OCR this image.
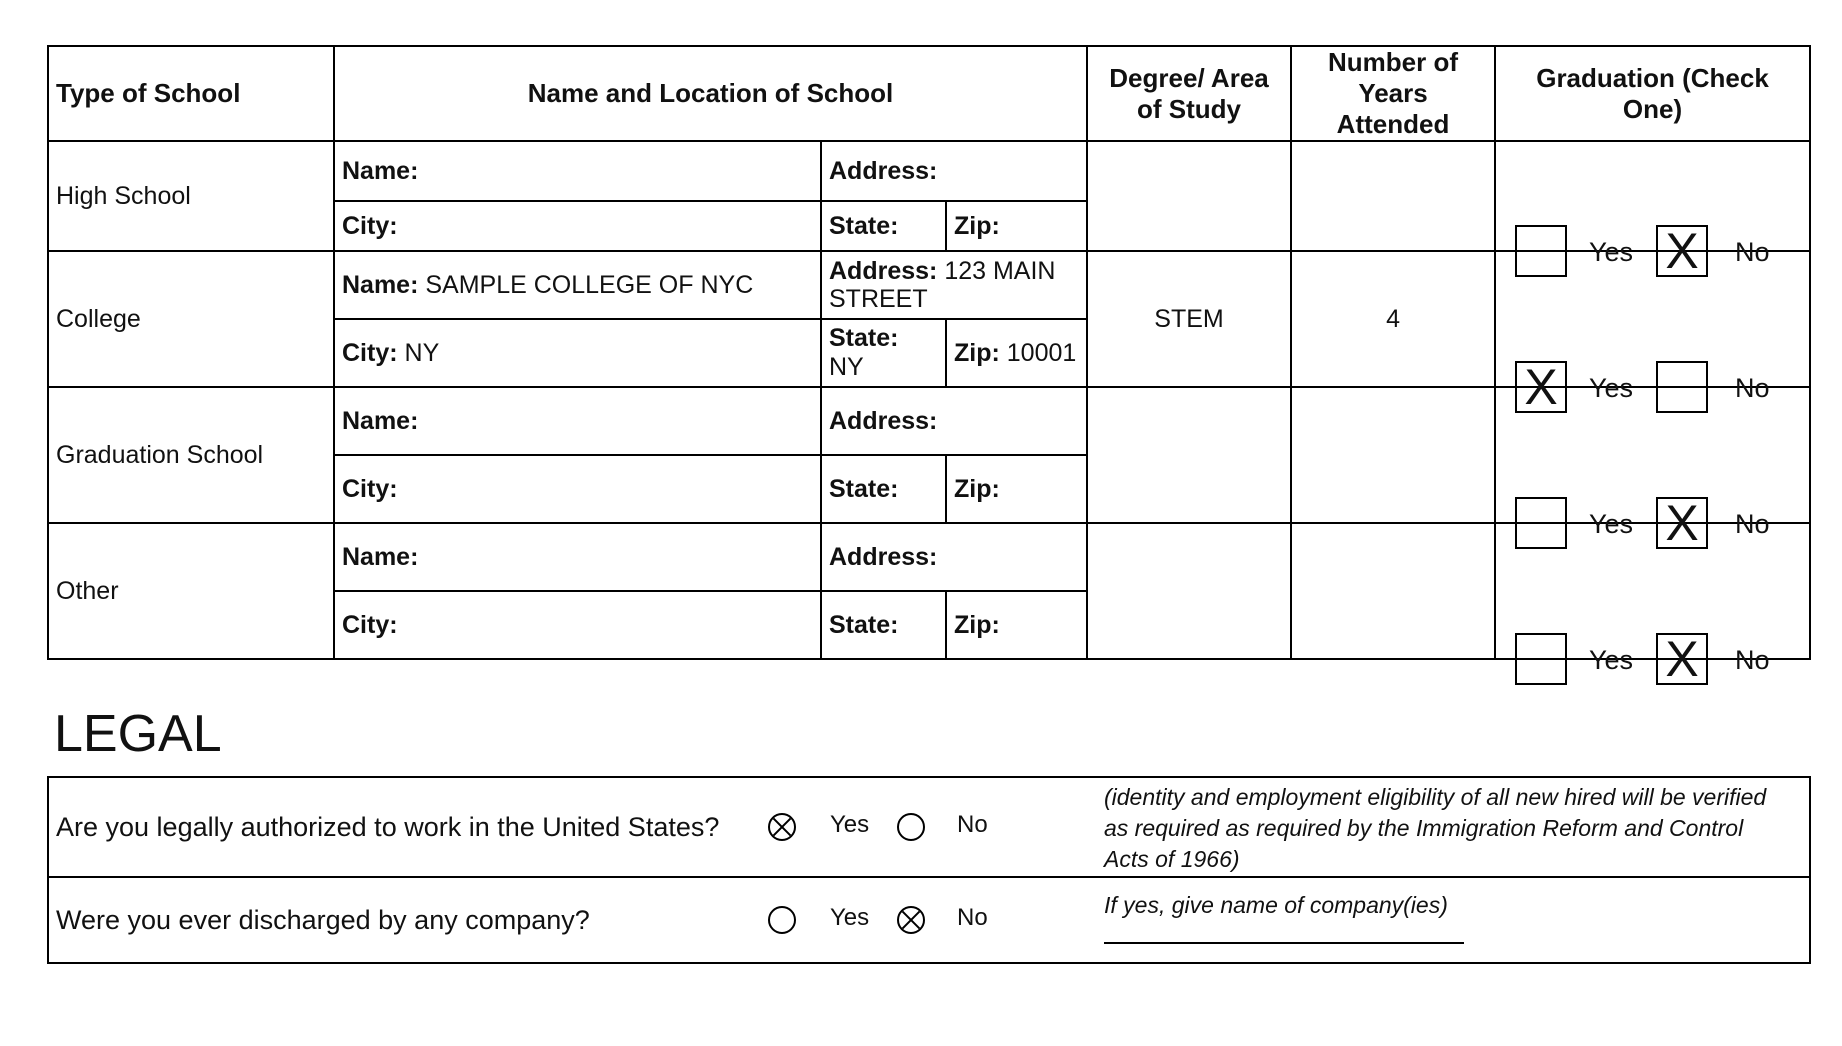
Type of School	Name and Location of School			Degree/ Area of Study	Number of Years Attended	Graduation (Check One)
High School	Name:	Address:				Yes X No

	City:	State:	Zip:			
College	Name: SAMPLE COLLEGE OF NYC	Address: 123 MAIN STREET		STEM	4	X Yes No

	City: NY	State: NY	Zip: 10001			
Graduation School	Name:	Address:				Yes X No

	City:	State:	Zip:			
Other	Name:	Address:				Yes X No

	City:	State:	Zip:			
LEGAL
Are you legally authorized to work in the United States?	Yes No	(identity and employment eligibility of all new hired will be verified as required as required by the Immigration Reform and Control Acts of 1966)
Were you ever discharged by any company?	Yes No	If yes, give name of company(ies)
